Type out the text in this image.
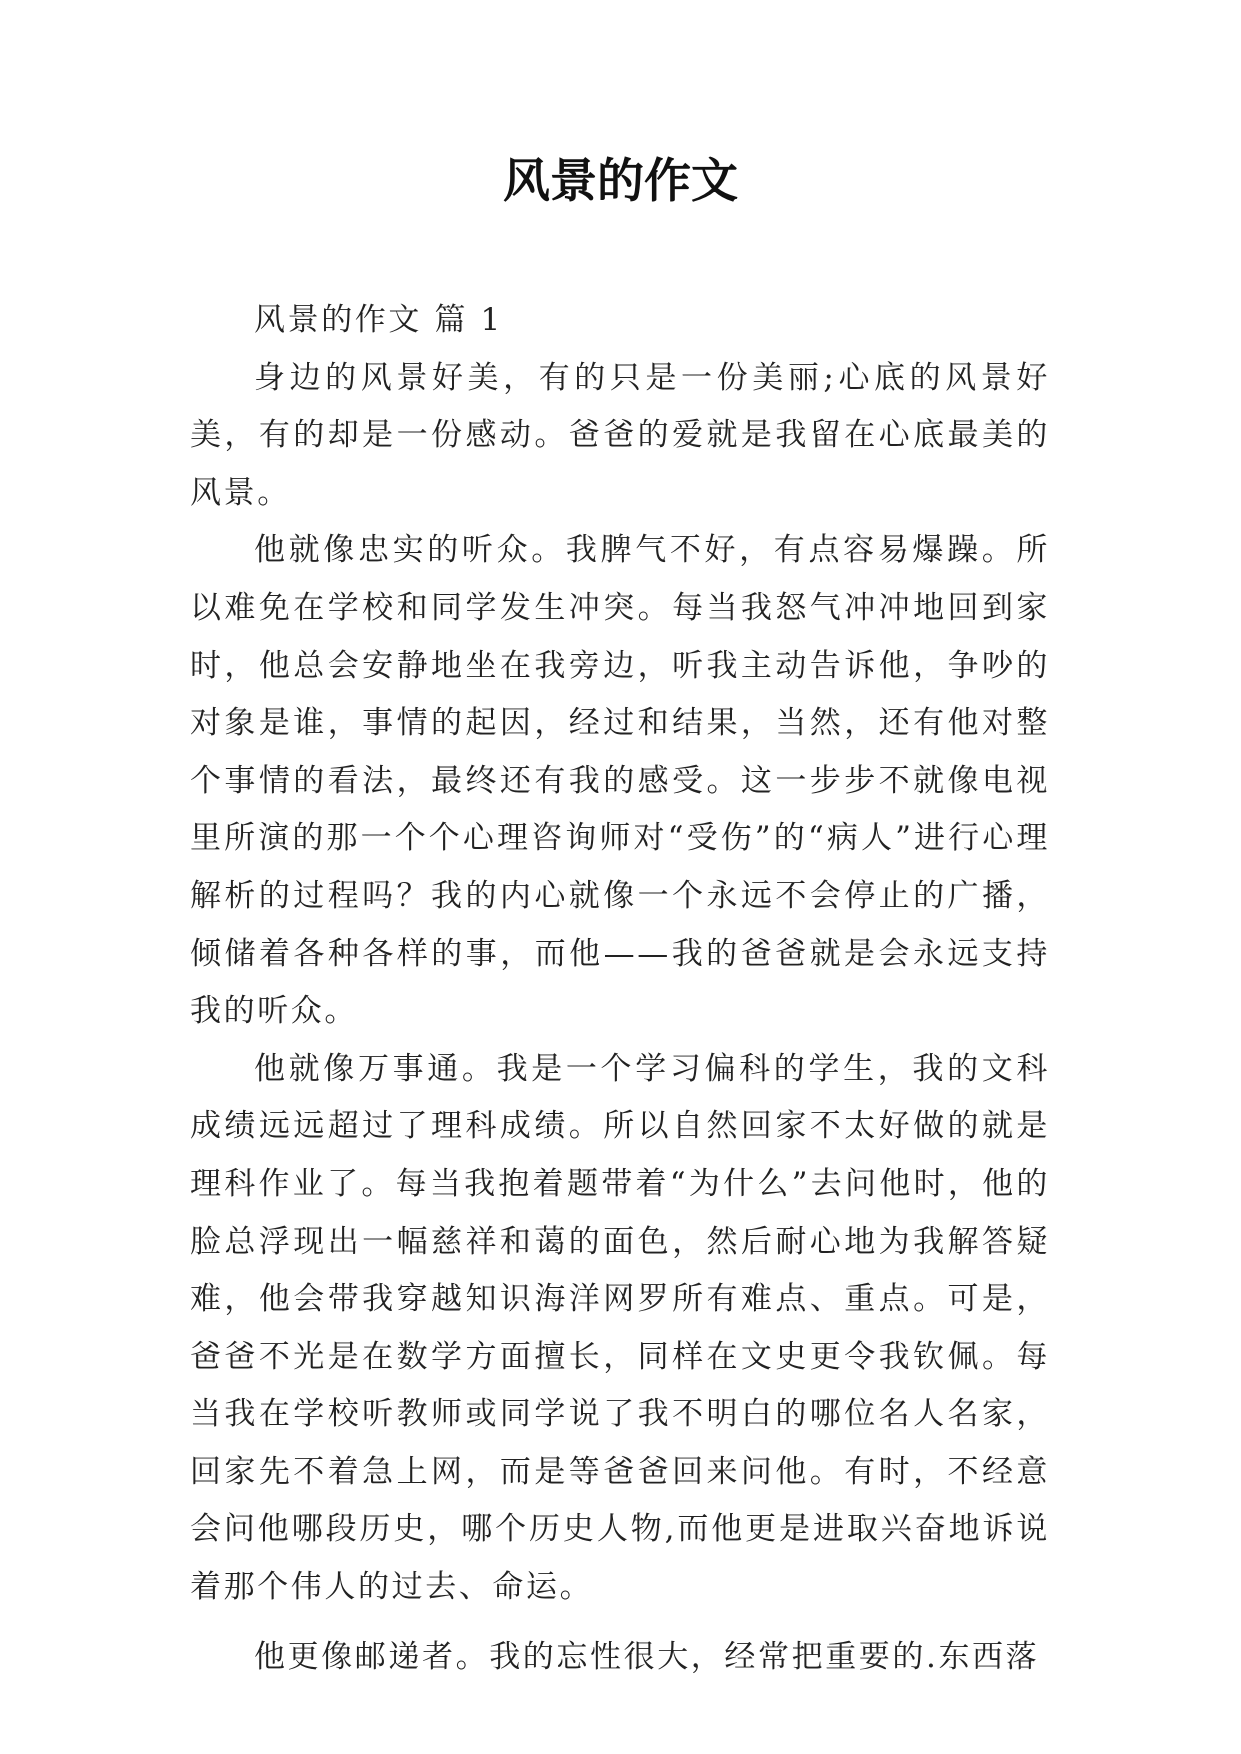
风景的作文

风景的作文 篇 1

身边的风景好美，有的只是一份美丽;心底的风景好美，有的却是一份感动。爸爸的爱就是我留在心底最美的风景。

他就像忠实的听众。我脾气不好，有点容易爆躁。所以难免在学校和同学发生冲突。每当我怒气冲冲地回到家时，他总会安静地坐在我旁边，听我主动告诉他，争吵的对象是谁，事情的起因，经过和结果，当然，还有他对整个事情的看法，最终还有我的感受。这一步步不就像电视里所演的那一个个心理咨询师对“受伤”的“病人”进行心理解析的过程吗？我的内心就像一个永远不会停止的广播，倾储着各种各样的事，而他——我的爸爸就是会永远支持我的听众。

他就像万事通。我是一个学习偏科的学生，我的文科成绩远远超过了理科成绩。所以自然回家不太好做的就是理科作业了。每当我抱着题带着“为什么”去问他时，他的脸总浮现出一幅慈祥和蔼的面色，然后耐心地为我解答疑难，他会带我穿越知识海洋网罗所有难点、重点。可是，爸爸不光是在数学方面擅长，同样在文史更令我钦佩。每当我在学校听教师或同学说了我不明白的哪位名人名家，回家先不着急上网，而是等爸爸回来问他。有时，不经意会问他哪段历史，哪个历史人物,而他更是进取兴奋地诉说着那个伟人的过去、命运。

他更像邮递者。我的忘性很大，经常把重要的.东西落
